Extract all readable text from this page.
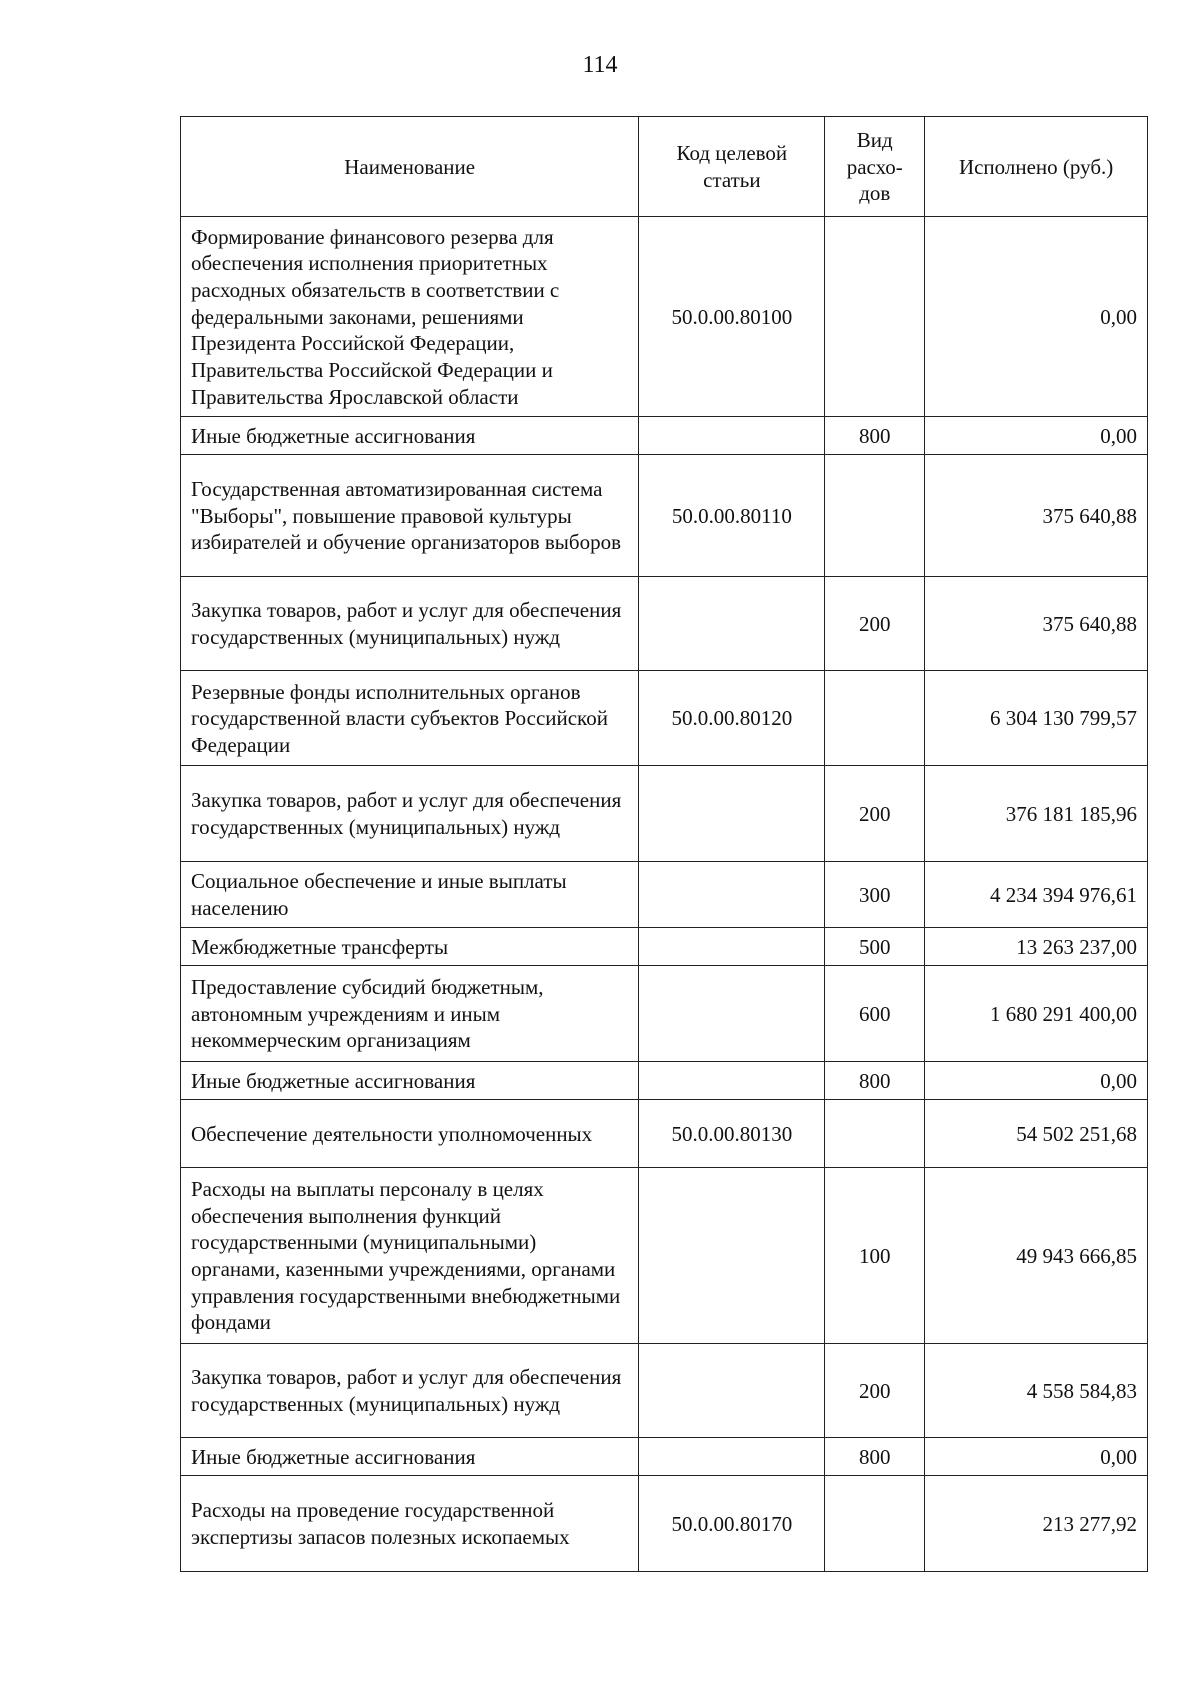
114
Наименование	Код целевой статьи	Вид расхо-дов	Исполнено (руб.)
Формирование финансового резерва для обеспечения исполнения приоритетных расходных обязательств в соответствии с федеральными законами, решениями Президента Российской Федерации, Правительства Российской Федерации и Правительства Ярославской области	50.0.00.80100		0,00
Иные бюджетные ассигнования		800	0,00
Государственная автоматизированная система "Выборы", повышение правовой культуры избирателей и обучение организаторов выборов	50.0.00.80110		375 640,88
Закупка товаров, работ и услуг для обеспечения государственных (муниципальных) нужд		200	375 640,88
Резервные фонды исполнительных органов государственной власти субъектов Российской Федерации	50.0.00.80120		6 304 130 799,57
Закупка товаров, работ и услуг для обеспечения государственных (муниципальных) нужд		200	376 181 185,96
Социальное обеспечение и иные выплаты населению		300	4 234 394 976,61
Межбюджетные трансферты		500	13 263 237,00
Предоставление субсидий бюджетным, автономным учреждениям и иным некоммерческим организациям		600	1 680 291 400,00
Иные бюджетные ассигнования		800	0,00
Обеспечение деятельности уполномоченных	50.0.00.80130		54 502 251,68
Расходы на выплаты персоналу в целях обеспечения выполнения функций государственными (муниципальными) органами, казенными учреждениями, органами управления государственными внебюджетными фондами		100	49 943 666,85
Закупка товаров, работ и услуг для обеспечения государственных (муниципальных) нужд		200	4 558 584,83
Иные бюджетные ассигнования		800	0,00
Расходы на проведение государственной экспертизы запасов полезных ископаемых	50.0.00.80170		213 277,92
